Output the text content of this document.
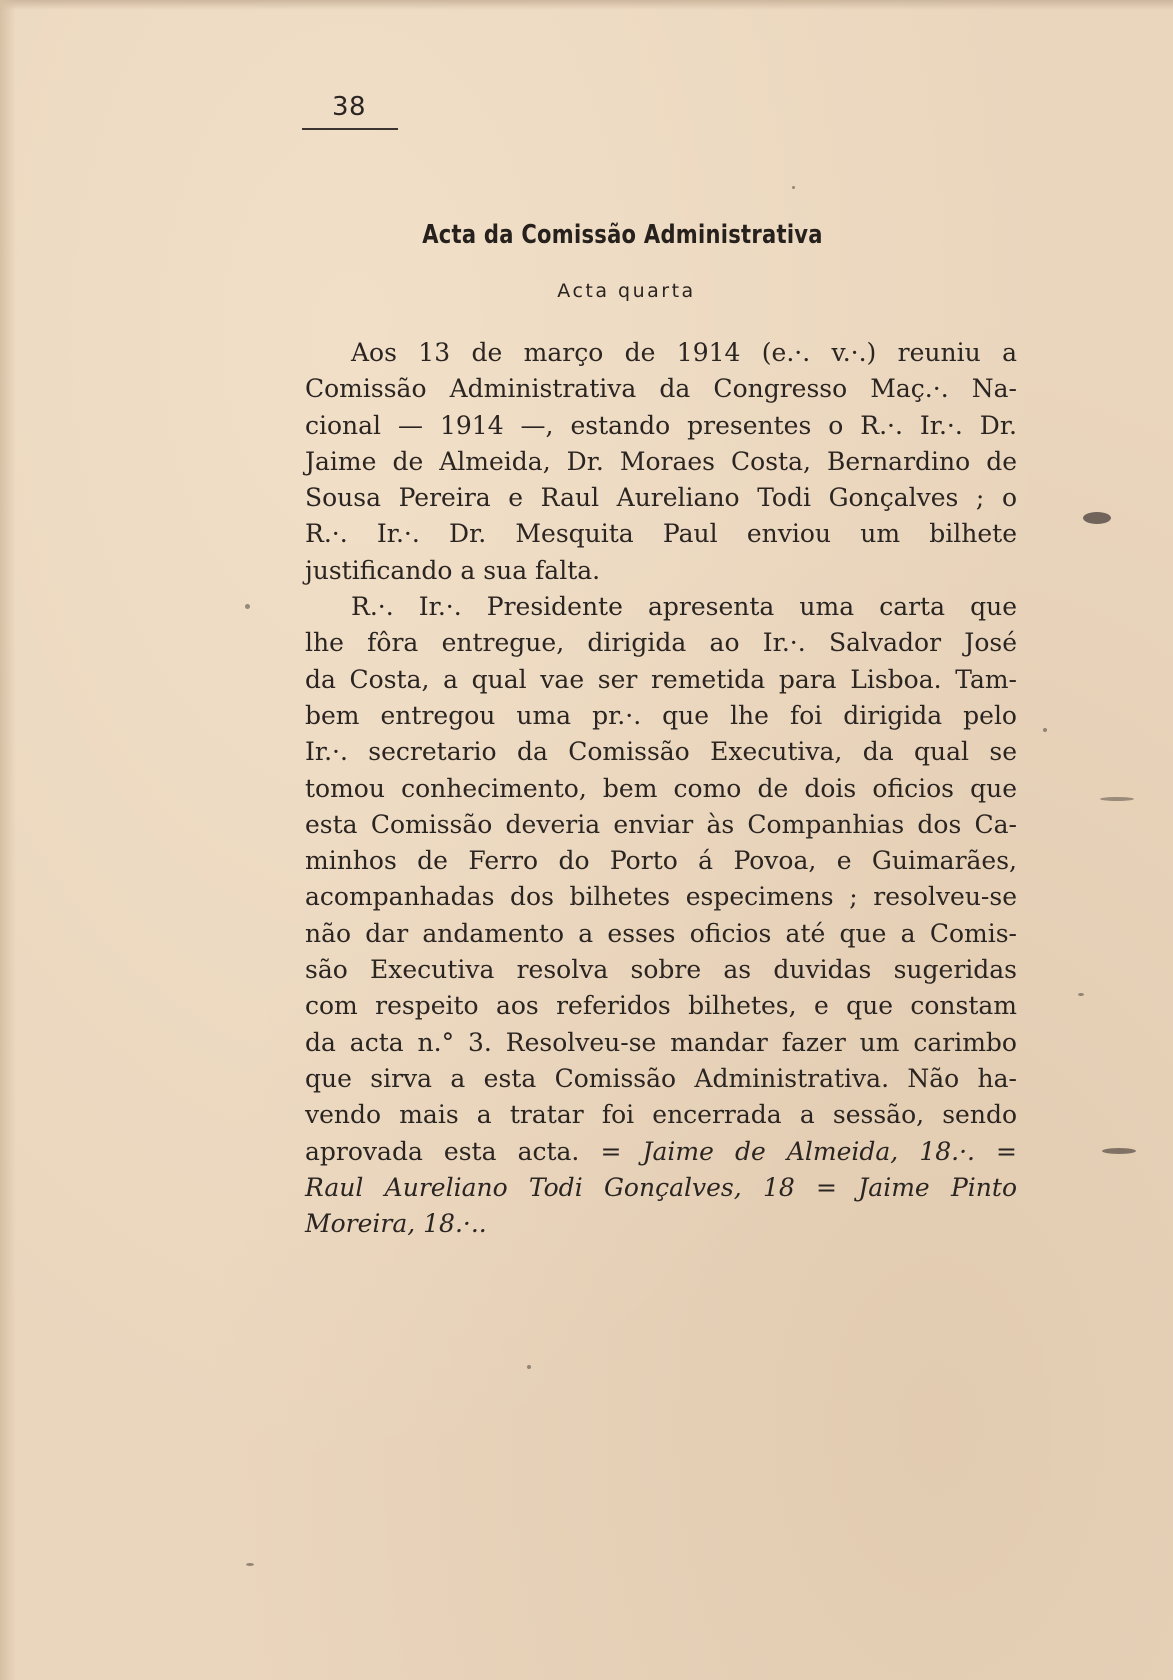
38
Acta da Comissão Administrativa
Acta quarta
Aos 13 de março de 1914 (e.·. v.·.) reuniu a
Comissão Administrativa da Congresso Maç.·. Na-
cional — 1914 —, estando presentes o R.·. Ir.·. Dr.
Jaime de Almeida, Dr. Moraes Costa, Bernardino de
Sousa Pereira e Raul Aureliano Todi Gonçalves ; o
R.·. Ir.·. Dr. Mesquita Paul enviou um bilhete
justificando a sua falta.
R.·. Ir.·. Presidente apresenta uma carta que
lhe fôra entregue, dirigida ao Ir.·. Salvador José
da Costa, a qual vae ser remetida para Lisboa. Tam-
bem entregou uma pr.·. que lhe foi dirigida pelo
Ir.·. secretario da Comissão Executiva, da qual se
tomou conhecimento, bem como de dois oficios que
esta Comissão deveria enviar às Companhias dos Ca-
minhos de Ferro do Porto á Povoa, e Guimarães,
acompanhadas dos bilhetes especimens ; resolveu-se
não dar andamento a esses oficios até que a Comis-
são Executiva resolva sobre as duvidas sugeridas
com respeito aos referidos bilhetes, e que constam
da acta n.° 3. Resolveu-se mandar fazer um carimbo
que sirva a esta Comissão Administrativa. Não ha-
vendo mais a tratar foi encerrada a sessão, sendo
aprovada esta acta. = Jaime de Almeida, 18.·. =
Raul Aureliano Todi Gonçalves, 18 = Jaime Pinto
Moreira, 18.·..
